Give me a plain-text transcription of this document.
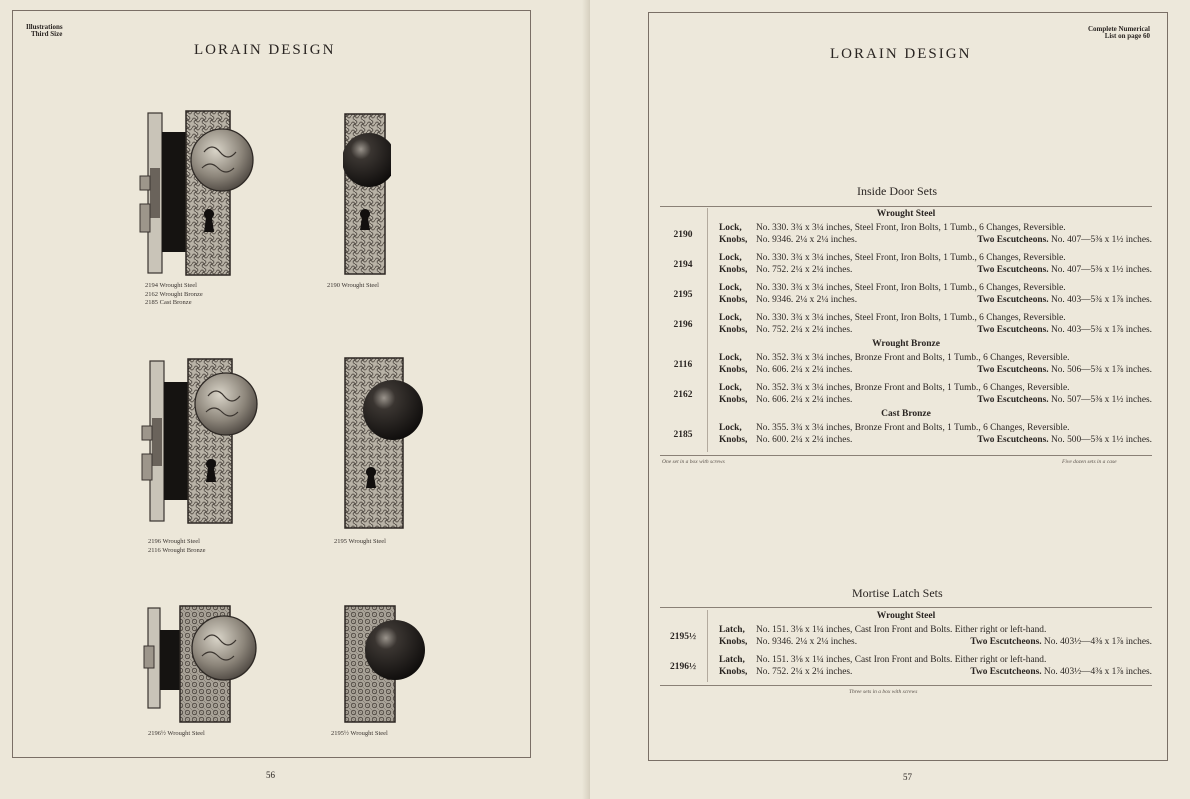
Illustrations
Third Size
LORAIN DESIGN
2194 Wrought Steel
2162 Wrought Bronze
2185 Cast Bronze
2190 Wrought Steel
2196 Wrought Steel
2116 Wrought Bronze
2195 Wrought Steel
2196½ Wrought Steel	2195½ Wrought Steel
56
Complete Numerical
List on page 60
LORAIN DESIGN
Inside Door Sets
Wrought Steel
2190
Lock,	No. 330. 3¾ x 3¼ inches, Steel Front, Iron Bolts, 1 Tumb., 6 Changes, Reversible.
Knobs, No. 9346. 2¼ x 2¼ inches.	Two Escutcheons. No. 407—5⅜ x 1½ inches.
2194
Lock,	No. 330. 3¾ x 3¼ inches, Steel Front, Iron Bolts, 1 Tumb., 6 Changes, Reversible.
Knobs, No. 752. 2¼ x 2¼ inches.	Two Escutcheons. No. 407—5⅜ x 1½ inches.
2195
Lock,	No. 330. 3¾ x 3¼ inches, Steel Front, Iron Bolts, 1 Tumb., 6 Changes, Reversible.
Knobs, No. 9346. 2¼ x 2¼ inches.	Two Escutcheons. No. 403—5¾ x 1⅞ inches.
2196
Lock,	No. 330. 3¾ x 3¼ inches, Steel Front, Iron Bolts, 1 Tumb., 6 Changes, Reversible.
Knobs, No. 752. 2¼ x 2¼ inches.	Two Escutcheons. No. 403—5¾ x 1⅞ inches.
Wrought Bronze
2116
Lock,	No. 352. 3¾ x 3¼ inches, Bronze Front and Bolts, 1 Tumb., 6 Changes, Reversible.
Knobs, No. 606. 2¼ x 2¼ inches.	Two Escutcheons. No. 506—5¾ x 1⅞ inches.
2162
Lock,	No. 352. 3¾ x 3¼ inches, Bronze Front and Bolts, 1 Tumb., 6 Changes, Reversible.
Knobs, No. 606. 2¼ x 2¼ inches.	Two Escutcheons. No. 507—5⅜ x 1½ inches.
Cast Bronze
2185
Lock,	No. 355. 3¾ x 3¼ inches, Bronze Front and Bolts, 1 Tumb., 6 Changes, Reversible.
Knobs, No. 600. 2¼ x 2¼ inches.	Two Escutcheons. No. 500—5⅜ x 1½ inches.
One set in a box with screws	Five dozen sets in a case
Mortise Latch Sets
Wrought Steel
2195½
Latch,	No. 151. 3⅛ x 1¼ inches, Cast Iron Front and Bolts. Either right or left-hand.
Knobs, No. 9346. 2¼ x 2¼ inches.	Two Escutcheons. No. 403½—4⅜ x 1⅞ inches.
2196½
Latch,	No. 151. 3⅛ x 1¼ inches, Cast Iron Front and Bolts. Either right or left-hand.
Knobs, No. 752. 2¼ x 2¼ inches.	Two Escutcheons. No. 403½—4⅜ x 1⅞ inches.
Three sets in a box with screws
57
